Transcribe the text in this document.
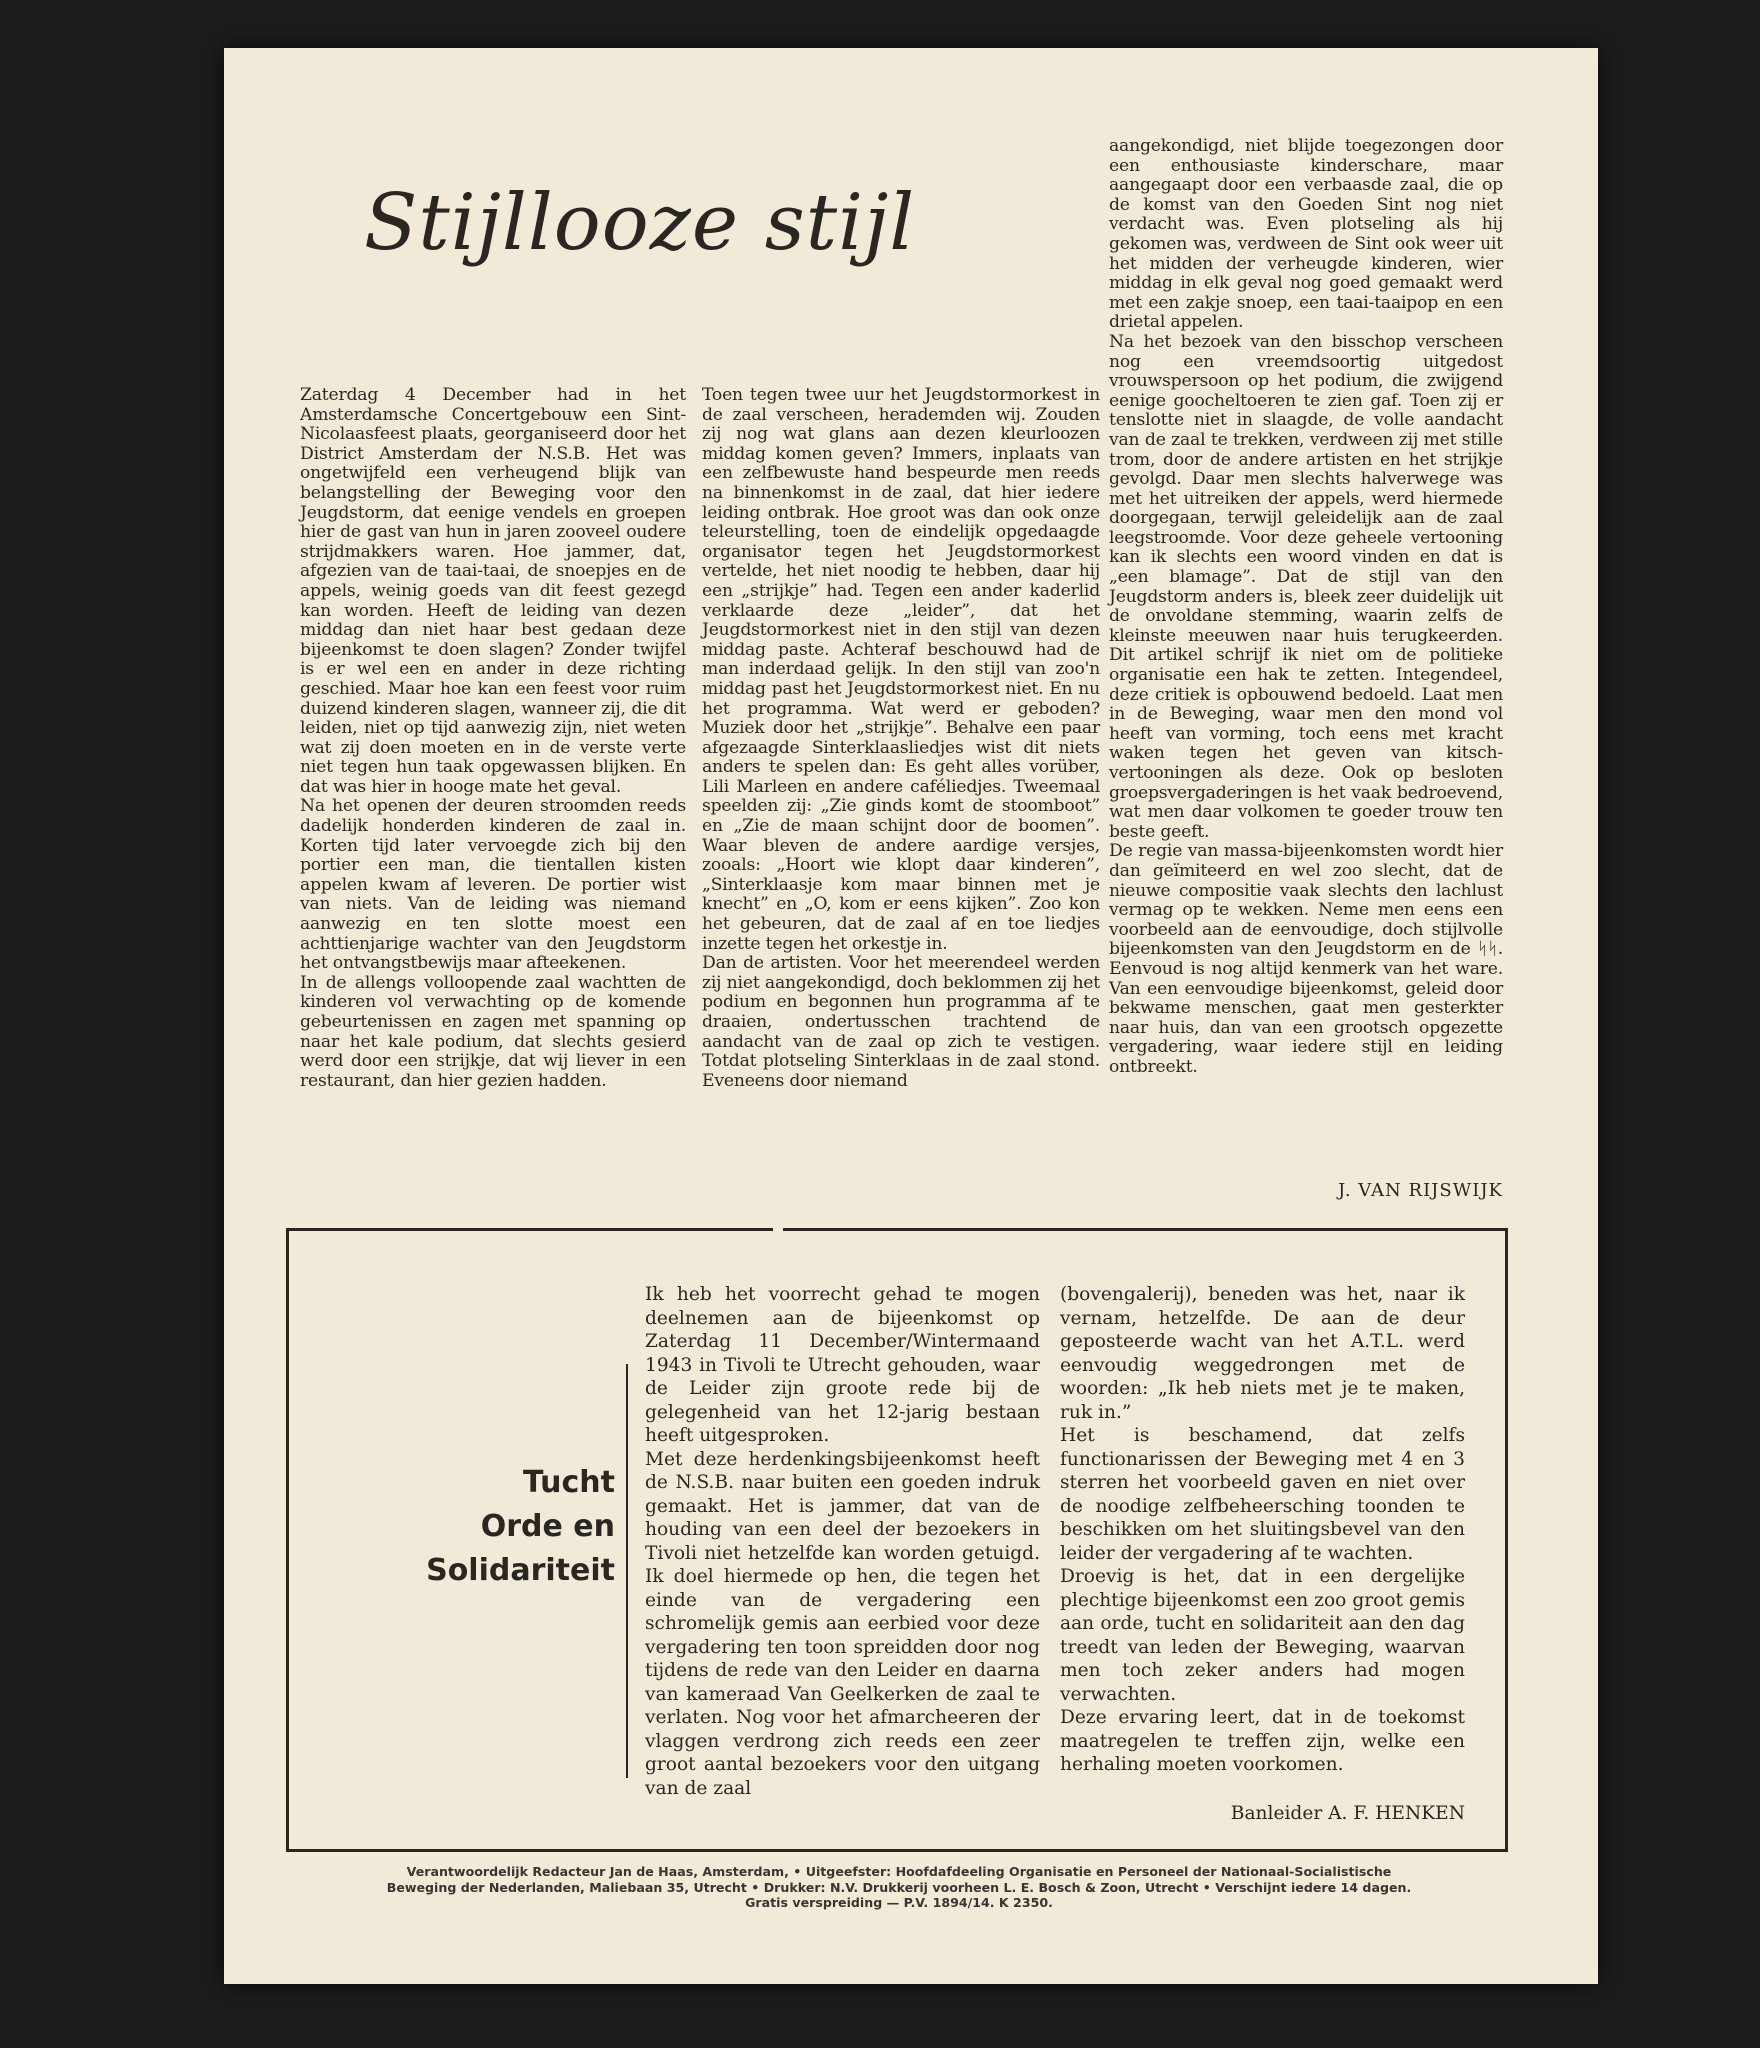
Stijllooze stijl

Zaterdag 4 December had in het Amsterdamsche Concertgebouw een Sint-Nicolaasfeest plaats, georganiseerd door het District Amsterdam der N.S.B. Het was ongetwijfeld een verheugend blijk van belangstelling der Beweging voor den Jeugdstorm, dat eenige vendels en groepen hier de gast van hun in jaren zooveel oudere strijdmakkers waren. Hoe jammer, dat, afgezien van de taai-taai, de snoepjes en de appels, weinig goeds van dit feest gezegd kan worden. Heeft de leiding van dezen middag dan niet haar best gedaan deze bijeenkomst te doen slagen? Zonder twijfel is er wel een en ander in deze richting geschied. Maar hoe kan een feest voor ruim duizend kinderen slagen, wanneer zij, die dit leiden, niet op tijd aanwezig zijn, niet weten wat zij doen moeten en in de verste verte niet tegen hun taak opgewassen blijken. En dat was hier in hooge mate het geval.

Na het openen der deuren stroomden reeds dadelijk honderden kinderen de zaal in. Korten tijd later vervoegde zich bij den portier een man, die tientallen kisten appelen kwam af leveren. De portier wist van niets. Van de leiding was niemand aanwezig en ten slotte moest een achttienjarige wachter van den Jeugdstorm het ontvangstbewijs maar afteekenen.

In de allengs volloopende zaal wachtten de kinderen vol verwachting op de komende gebeurtenissen en zagen met spanning op naar het kale podium, dat slechts gesierd werd door een strijkje, dat wij liever in een restaurant, dan hier gezien hadden.

Toen tegen twee uur het Jeugdstormorkest in de zaal verscheen, herademden wij. Zouden zij nog wat glans aan dezen kleurloozen middag komen geven? Immers, inplaats van een zelfbewuste hand bespeurde men reeds na binnenkomst in de zaal, dat hier iedere leiding ontbrak. Hoe groot was dan ook onze teleurstelling, toen de eindelijk opgedaagde organisator tegen het Jeugdstormorkest vertelde, het niet noodig te hebben, daar hij een „strijkje” had. Tegen een ander kaderlid verklaarde deze „leider”, dat het Jeugdstormorkest niet in den stijl van dezen middag paste. Achteraf beschouwd had de man inderdaad gelijk. In den stijl van zoo'n middag past het Jeugdstormorkest niet. En nu het programma. Wat werd er geboden? Muziek door het „strijkje”. Behalve een paar afgezaagde Sinterklaasliedjes wist dit niets anders te spelen dan: Es geht alles vorüber, Lili Marleen en andere caféliedjes. Tweemaal speelden zij: „Zie ginds komt de stoomboot” en „Zie de maan schijnt door de boomen”. Waar bleven de andere aardige versjes, zooals: „Hoort wie klopt daar kinderen”, „Sinterklaasje kom maar binnen met je knecht” en „O, kom er eens kijken”. Zoo kon het gebeuren, dat de zaal af en toe liedjes inzette tegen het orkestje in.

Dan de artisten. Voor het meerendeel werden zij niet aangekondigd, doch beklommen zij het podium en begonnen hun programma af te draaien, ondertusschen trachtend de aandacht van de zaal op zich te vestigen. Totdat plotseling Sinterklaas in de zaal stond. Eveneens door niemand

aangekondigd, niet blijde toegezongen door een enthousiaste kinderschare, maar aangegaapt door een verbaasde zaal, die op de komst van den Goeden Sint nog niet verdacht was. Even plotseling als hij gekomen was, verdween de Sint ook weer uit het midden der verheugde kinderen, wier middag in elk geval nog goed gemaakt werd met een zakje snoep, een taai-taaipop en een drietal appelen.

Na het bezoek van den bisschop verscheen nog een vreemdsoortig uitgedost vrouwspersoon op het podium, die zwijgend eenige goocheltoeren te zien gaf. Toen zij er tenslotte niet in slaagde, de volle aandacht van de zaal te trekken, verdween zij met stille trom, door de andere artisten en het strijkje gevolgd. Daar men slechts halverwege was met het uitreiken der appels, werd hiermede doorgegaan, terwijl geleidelijk aan de zaal leegstroomde. Voor deze geheele vertooning kan ik slechts een woord vinden en dat is „een blamage”. Dat de stijl van den Jeugdstorm anders is, bleek zeer duidelijk uit de onvoldane stemming, waarin zelfs de kleinste meeuwen naar huis terugkeerden. Dit artikel schrijf ik niet om de politieke organisatie een hak te zetten. Integendeel, deze critiek is opbouwend bedoeld. Laat men in de Beweging, waar men den mond vol heeft van vorming, toch eens met kracht waken tegen het geven van kitsch-vertooningen als deze. Ook op besloten groepsvergaderingen is het vaak bedroevend, wat men daar volkomen te goeder trouw ten beste geeft.

De regie van massa-bijeenkomsten wordt hier dan geïmiteerd en wel zoo slecht, dat de nieuwe compositie vaak slechts den lachlust vermag op te wekken. Neme men eens een voorbeeld aan de eenvoudige, doch stijlvolle bijeenkomsten van den Jeugdstorm en de ᛋᛋ. Eenvoud is nog altijd kenmerk van het ware. Van een eenvoudige bijeenkomst, geleid door bekwame menschen, gaat men gesterkter naar huis, dan van een grootsch opgezette vergadering, waar iedere stijl en leiding ontbreekt.

J. VAN RIJSWIJK
Tucht
Orde en
Solidariteit

Ik heb het voorrecht gehad te mogen deelnemen aan de bijeenkomst op Zaterdag 11 December/Wintermaand 1943 in Tivoli te Utrecht gehouden, waar de Leider zijn groote rede bij de gelegenheid van het 12-jarig bestaan heeft uitgesproken.

Met deze herdenkingsbijeenkomst heeft de N.S.B. naar buiten een goeden indruk gemaakt. Het is jammer, dat van de houding van een deel der bezoekers in Tivoli niet hetzelfde kan worden getuigd. Ik doel hiermede op hen, die tegen het einde van de vergadering een schromelijk gemis aan eerbied voor deze vergadering ten toon spreidden door nog tijdens de rede van den Leider en daarna van kameraad Van Geelkerken de zaal te verlaten. Nog voor het afmarcheeren der vlaggen verdrong zich reeds een zeer groot aantal bezoekers voor den uitgang van de zaal

(bovengalerij), beneden was het, naar ik vernam, hetzelfde. De aan de deur geposteerde wacht van het A.T.L. werd eenvoudig weggedrongen met de woorden: „Ik heb niets met je te maken, ruk in.”

Het is beschamend, dat zelfs functionarissen der Beweging met 4 en 3 sterren het voorbeeld gaven en niet over de noodige zelfbeheersching toonden te beschikken om het sluitingsbevel van den leider der vergadering af te wachten.

Droevig is het, dat in een dergelijke plechtige bijeenkomst een zoo groot gemis aan orde, tucht en solidariteit aan den dag treedt van leden der Beweging, waarvan men toch zeker anders had mogen verwachten.

Deze ervaring leert, dat in de toekomst maatregelen te treffen zijn, welke een herhaling moeten voorkomen.

Banleider A. F. HENKEN
Verantwoordelijk Redacteur Jan de Haas, Amsterdam, • Uitgeefster: Hoofdafdeeling Organisatie en Personeel der Nationaal-Socialistische
Beweging der Nederlanden, Maliebaan 35, Utrecht • Drukker: N.V. Drukkerij voorheen L. E. Bosch & Zoon, Utrecht • Verschijnt iedere 14 dagen.
Gratis verspreiding — P.V. 1894/14. K 2350.
